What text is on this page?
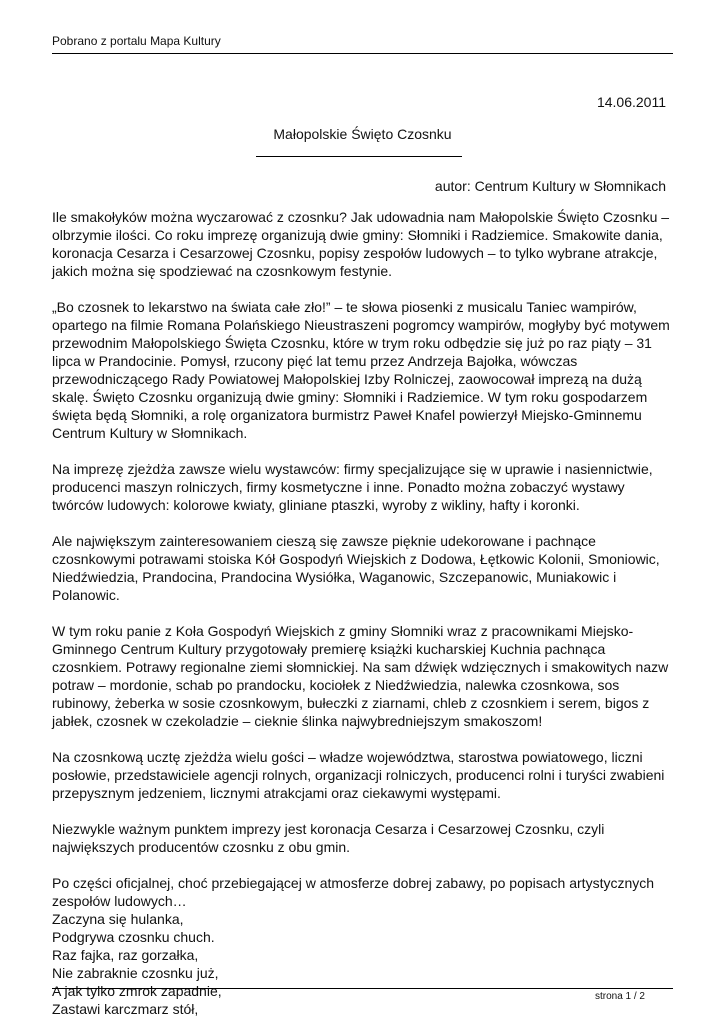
Pobrano z portalu Mapa Kultury
14.06.2011
Małopolskie Święto Czosnku
autor: Centrum Kultury w Słomnikach

Ile smakołyków można wyczarować z czosnku? Jak udowadnia nam Małopolskie Święto Czosnku – olbrzymie ilości. Co roku imprezę organizują dwie gminy: Słomniki i Radziemice. Smakowite dania, koronacja Cesarza i Cesarzowej Czosnku, popisy zespołów ludowych – to tylko wybrane atrakcje, jakich można się spodziewać na czosnkowym festynie.

„Bo czosnek to lekarstwo na świata całe zło!” – te słowa piosenki z musicalu Taniec wampirów, opartego na filmie Romana Polańskiego Nieustraszeni pogromcy wampirów, mogłyby być motywem przewodnim Małopolskiego Święta Czosnku, które w trym roku odbędzie się już po raz piąty – 31 lipca w Prandocinie. Pomysł, rzucony pięć lat temu przez Andrzeja Bajołka, wówczas przewodniczącego Rady Powiatowej Małopolskiej Izby Rolniczej, zaowocował imprezą na dużą skalę. Święto Czosnku organizują dwie gminy: Słomniki i Radziemice. W tym roku gospodarzem święta będą Słomniki, a rolę organizatora burmistrz Paweł Knafel powierzył Miejsko-Gminnemu Centrum Kultury w Słomnikach.

Na imprezę zjeżdża zawsze wielu wystawców: firmy specjalizujące się w uprawie i nasiennictwie, producenci maszyn rolniczych, firmy kosmetyczne i inne. Ponadto można zobaczyć wystawy twórców ludowych: kolorowe kwiaty, gliniane ptaszki, wyroby z wikliny, hafty i koronki.

Ale największym zainteresowaniem cieszą się zawsze pięknie udekorowane i pachnące czosnkowymi potrawami stoiska Kół Gospodyń Wiejskich z Dodowa, Łętkowic Kolonii, Smoniowic, Niedźwiedzia, Prandocina, Prandocina Wysiółka, Waganowic, Szczepanowic, Muniakowic i Polanowic.

W tym roku panie z Koła Gospodyń Wiejskich z gminy Słomniki wraz z pracownikami Miejsko-Gminnego Centrum Kultury przygotowały premierę książki kucharskiej Kuchnia pachnąca czosnkiem. Potrawy regionalne ziemi słomnickiej. Na sam dźwięk wdzięcznych i smakowitych nazw potraw – mordonie, schab po prandocku, kociołek z Niedźwiedzia, nalewka czosnkowa, sos rubinowy, żeberka w sosie czosnkowym, bułeczki z ziarnami, chleb z czosnkiem i serem, bigos z jabłek, czosnek w czekoladzie – cieknie ślinka najwybredniejszym smakoszom!

Na czosnkową ucztę zjeżdża wielu gości – władze województwa, starostwa powiatowego, liczni posłowie, przedstawiciele agencji rolnych, organizacji rolniczych, producenci rolni i turyści zwabieni przepysznym jedzeniem, licznymi atrakcjami oraz ciekawymi występami.

Niezwykle ważnym punktem imprezy jest koronacja Cesarza i Cesarzowej Czosnku, czyli największych producentów czosnku z obu gmin.

Po części oficjalnej, choć przebiegającej w atmosferze dobrej zabawy, po popisach artystycznych zespołów ludowych…
Zaczyna się hulanka,
Podgrywa czosnku chuch.
Raz fajka, raz gorzałka,
Nie zabraknie czosnku już,
A jak tylko zmrok zapadnie,
Zastawi karczmarz stół,

strona 1 / 2
